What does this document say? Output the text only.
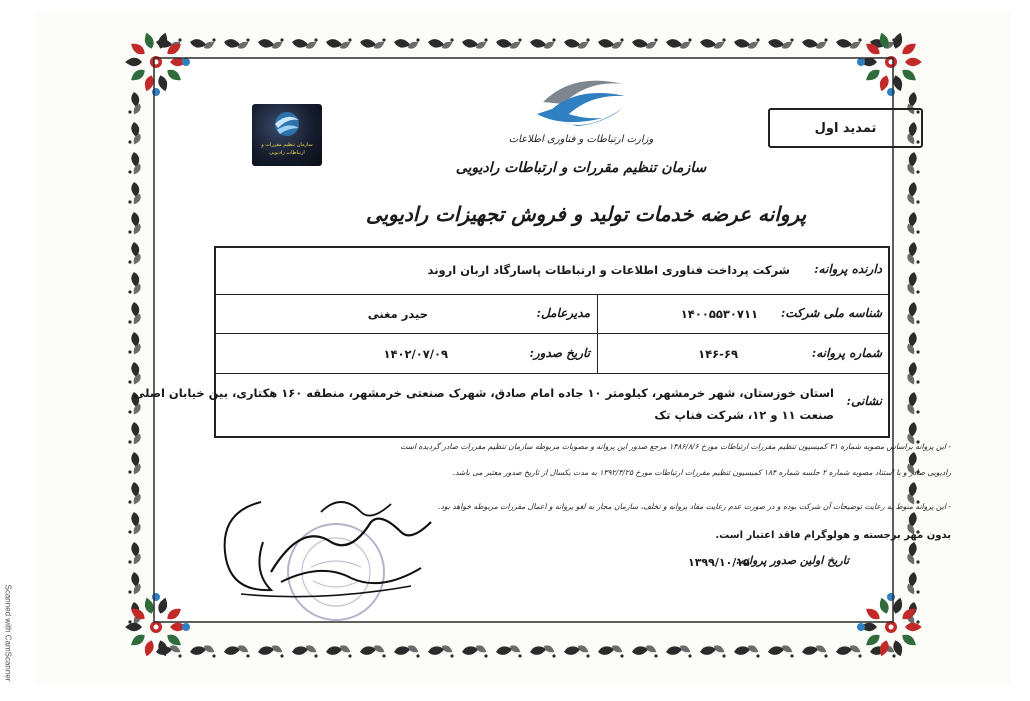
Scanned with CamScanner
وزارت ارتباطات و فناوری اطلاعات
سازمان تنظیم مقررات و ارتباطات رادیویی
پروانه عرضه خدمات تولید و فروش تجهیزات رادیویی
سازمان تنظیم مقررات و
ارتباطات رادیویی
تمدید اول
دارنده پروانه:
شرکت پرداخت فناوری اطلاعات و ارتباطات پاسارگاد اربان اروند
شناسه ملی شرکت:
۱۴۰۰۵۵۳۰۷۱۱
مدیرعامل:
حیدر مغنی
شماره پروانه:
۱۴۶-۶۹
تاریخ صدور:
۱۴۰۲/۰۷/۰۹
نشانی:
استان خوزستان، شهر خرمشهر، کیلومتر ۱۰ جاده امام صادق، شهرک صنعتی خرمشهر، منطقه ۱۶۰ هکتاری، بین خیابان اصلی
صنعت ۱۱ و ۱۲، شرکت فناپ تک
- این پروانه براساس مصوبه شماره ۳۱ کمیسیون تنظیم مقررات ارتباطات مورخ ۱۳۸۶/۸/۶ مرجع صدور این پروانه و مصوبات مربوطه سازمان تنظیم مقررات صادر گردیده است
رادیویی صادر و با استناد مصوبه شماره ۲ جلسه شماره ۱۸۴ کمیسیون تنظیم مقررات ارتباطات مورخ ۱۳۹۲/۳/۲۵ به مدت یکسال از تاریخ صدور معتبر می باشد.
- این پروانه منوط به رعایت توضیحات آن شرکت بوده و در صورت عدم رعایت مفاد پروانه و تخلف، سازمان مجاز به لغو پروانه و اعمال مقررات مربوطه خواهد بود.
بدون مهر برجسته و هولوگرام فاقد اعتبار است.
تاریخ اولین صدور پروانه:
۱۳۹۹/۱۰/۱۵
